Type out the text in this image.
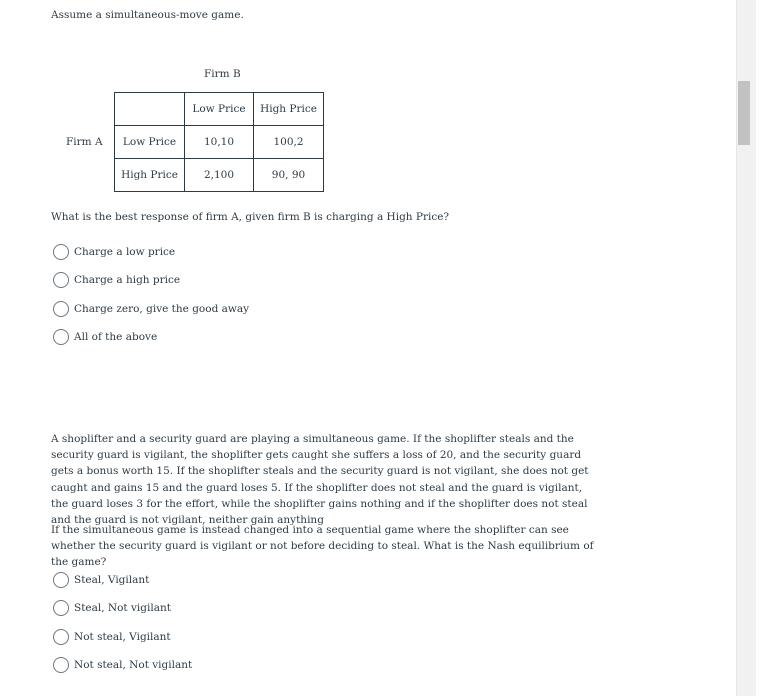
Assume a simultaneous-move game.
Firm B
Firm A
	Low Price	High Price
Low Price	10,10	100,2
High Price	2,100	90, 90
What is the best response of firm A, given firm B is charging a High Price?
Charge a low price
Charge a high price
Charge zero, give the good away
All of the above
A shoplifter and a security guard are playing a simultaneous game. If the shoplifter steals and the security guard is vigilant, the shoplifter gets caught she suffers a loss of 20, and the security guard gets a bonus worth 15. If the shoplifter steals and the security guard is not vigilant, she does not get caught and gains 15 and the guard loses 5. If the shoplifter does not steal and the guard is vigilant, the guard loses 3 for the effort, while the shoplifter gains nothing and if the shoplifter does not steal and the guard is not vigilant, neither gain anything
If the simultaneous game is instead changed into a sequential game where the shoplifter can see whether the security guard is vigilant or not before deciding to steal. What is the Nash equilibrium of the game?
Steal, Vigilant
Steal, Not vigilant
Not steal, Vigilant
Not steal, Not vigilant
